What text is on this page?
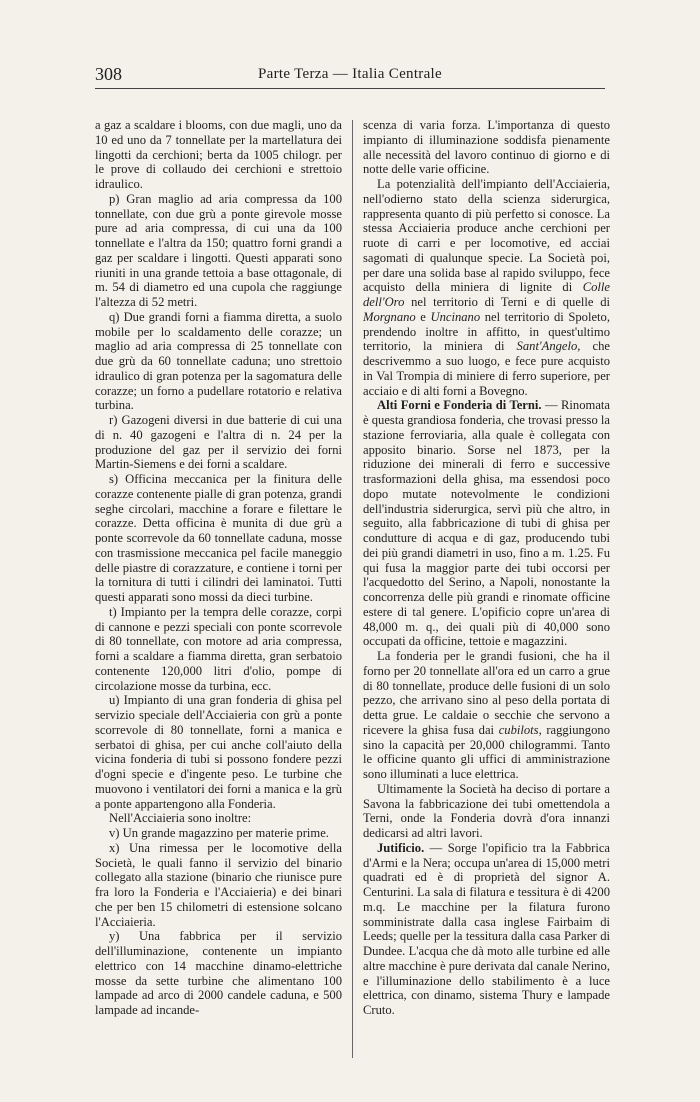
308	Parte Terza — Italia Centrale

a gaz a scaldare i blooms, con due magli, uno da 10 ed uno da 7 tonnellate per la martellatura dei lingotti da cerchioni; berta da 1005 chilogr. per le prove di collaudo dei cerchioni e strettoio idraulico.

p) Gran maglio ad aria compressa da 100 tonnellate, con due grù a ponte girevole mosse pure ad aria compressa, di cui una da 100 tonnellate e l'altra da 150; quattro forni grandi a gaz per scaldare i lingotti. Questi apparati sono riuniti in una grande tettoia a base ottagonale, di m. 54 di diametro ed una cupola che raggiunge l'altezza di 52 metri.

q) Due grandi forni a fiamma diretta, a suolo mobile per lo scaldamento delle corazze; un maglio ad aria compressa di 25 tonnellate con due grù da 60 tonnellate caduna; uno strettoio idraulico di gran potenza per la sagomatura delle corazze; un forno a pudellare rotatorio e relativa turbina.

r) Gazogeni diversi in due batterie di cui una di n. 40 gazogeni e l'altra di n. 24 per la produzione del gaz per il servizio dei forni Martin-Siemens e dei forni a scaldare.

s) Officina meccanica per la finitura delle corazze contenente pialle di gran potenza, grandi seghe circolari, macchine a forare e filettare le corazze. Detta officina è munita di due grù a ponte scorrevole da 60 tonnellate caduna, mosse con trasmissione meccanica pel facile maneggio delle piastre di corazzature, e contiene i torni per la tornitura di tutti i cilindri dei laminatoi. Tutti questi apparati sono mossi da dieci turbine.

t) Impianto per la tempra delle corazze, corpi di cannone e pezzi speciali con ponte scorrevole di 80 tonnellate, con motore ad aria compressa, forni a scaldare a fiamma diretta, gran serbatoio contenente 120,000 litri d'olio, pompe di circolazione mosse da turbina, ecc.

u) Impianto di una gran fonderia di ghisa pel servizio speciale dell'Acciaieria con grù a ponte scorrevole di 80 tonnellate, forni a manica e serbatoi di ghisa, per cui anche coll'aiuto della vicina fonderia di tubi si possono fondere pezzi d'ogni specie e d'ingente peso. Le turbine che muovono i ventilatori dei forni a manica e la grù a ponte appartengono alla Fonderia.

Nell'Acciaieria sono inoltre:

v) Un grande magazzino per materie prime.

x) Una rimessa per le locomotive della Società, le quali fanno il servizio del binario collegato alla stazione (binario che riunisce pure fra loro la Fonderia e l'Acciaieria) e dei binari che per ben 15 chilometri di estensione solcano l'Acciaieria.

y) Una fabbrica per il servizio dell'illuminazione, contenente un impianto elettrico con 14 macchine dinamo-elettriche mosse da sette turbine che alimentano 100 lampade ad arco di 2000 candele caduna, e 500 lampade ad incande-

scenza di varia forza. L'importanza di questo impianto di illuminazione soddisfa pienamente alle necessità del lavoro continuo di giorno e di notte delle varie officine.

La potenzialità dell'impianto dell'Acciaieria, nell'odierno stato della scienza siderurgica, rappresenta quanto di più perfetto si conosce. La stessa Acciaieria produce anche cerchioni per ruote di carri e per locomotive, ed acciai sagomati di qualunque specie. La Società poi, per dare una solida base al rapido sviluppo, fece acquisto della miniera di lignite di Colle dell'Oro nel territorio di Terni e di quelle di Morgnano e Uncinano nel territorio di Spoleto, prendendo inoltre in affitto, in quest'ultimo territorio, la miniera di Sant'Angelo, che descrivemmo a suo luogo, e fece pure acquisto in Val Trompia di miniere di ferro superiore, per acciaio e di alti forni a Bovegno.

Alti Forni e Fonderia di Terni. — Rinomata è questa grandiosa fonderia, che trovasi presso la stazione ferroviaria, alla quale è collegata con apposito binario. Sorse nel 1873, per la riduzione dei minerali di ferro e successive trasformazioni della ghisa, ma essendosi poco dopo mutate notevolmente le condizioni dell'industria siderurgica, servì più che altro, in seguito, alla fabbricazione di tubi di ghisa per condutture di acqua e di gaz, producendo tubi dei più grandi diametri in uso, fino a m. 1.25. Fu qui fusa la maggior parte dei tubi occorsi per l'acquedotto del Serino, a Napoli, nonostante la concorrenza delle più grandi e rinomate officine estere di tal genere. L'opificio copre un'area di 48,000 m. q., dei quali più di 40,000 sono occupati da officine, tettoie e magazzini.

La fonderia per le grandi fusioni, che ha il forno per 20 tonnellate all'ora ed un carro a grue di 80 tonnellate, produce delle fusioni di un solo pezzo, che arrivano sino al peso della portata di detta grue. Le caldaie o secchie che servono a ricevere la ghisa fusa dai cubilots, raggiungono sino la capacità per 20,000 chilogrammi. Tanto le officine quanto gli uffici di amministrazione sono illuminati a luce elettrica.

Ultimamente la Società ha deciso di portare a Savona la fabbricazione dei tubi omettendola a Terni, onde la Fonderia dovrà d'ora innanzi dedicarsi ad altri lavori.

Jutificio. — Sorge l'opificio tra la Fabbrica d'Armi e la Nera; occupa un'area di 15,000 metri quadrati ed è di proprietà del signor A. Centurini. La sala di filatura e tessitura è di 4200 m.q. Le macchine per la filatura furono somministrate dalla casa inglese Fairbaim di Leeds; quelle per la tessitura dalla casa Parker di Dundee. L'acqua che dà moto alle turbine ed alle altre macchine è pure derivata dal canale Nerino, e l'illuminazione dello stabilimento è a luce elettrica, con dinamo, sistema Thury e lampade Cruto.
